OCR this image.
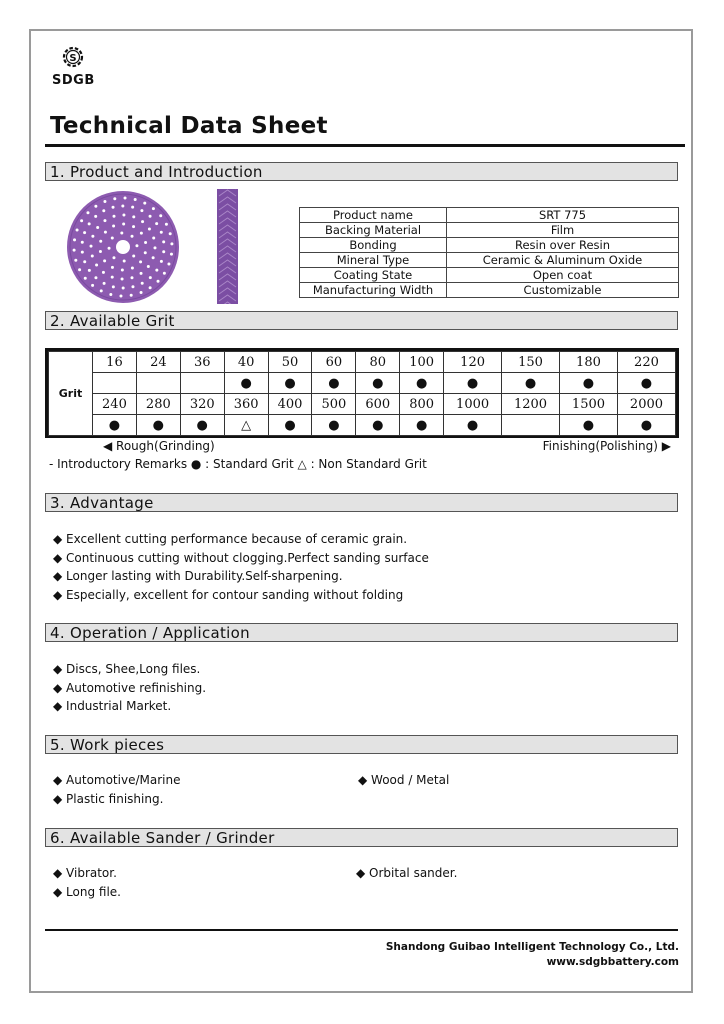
S
SDGB
Technical Data Sheet
1. Product and Introduction
Product name	SRT 775
Backing Material	Film
Bonding	Resin over Resin
Mineral Type	Ceramic & Aluminum Oxide
Coating State	Open coat
Manufacturing Width	Customizable
2. Available Grit
Grit	16	24	36	40	50	60	80	100	120	150	180	220
				●	●	●	●	●	●	●	●	●
	240	280	320	360	400	500	600	800	1000	1200	1500	2000
	●	●	●	△	●	●	●	●	●		●	●
◀ Rough(Grinding)	Finishing(Polishing) ▶
- Introductory Remarks ● : Standard Grit △ : Non Standard Grit
3. Advantage
◆ Excellent cutting performance because of ceramic grain.
◆ Continuous cutting without clogging.Perfect sanding surface
◆ Longer lasting with Durability.Self-sharpening.
◆ Especially, excellent for contour sanding without folding
4. Operation / Application
◆ Discs, Shee,Long files.
◆ Automotive refinishing.
◆ Industrial Market.
5. Work pieces
◆ Automotive/Marine
◆ Plastic finishing.
◆ Wood / Metal
6. Available Sander / Grinder
◆ Vibrator.
◆ Long file.
◆ Orbital sander.
Shandong Guibao Intelligent Technology Co., Ltd.
www.sdgbbattery.com
